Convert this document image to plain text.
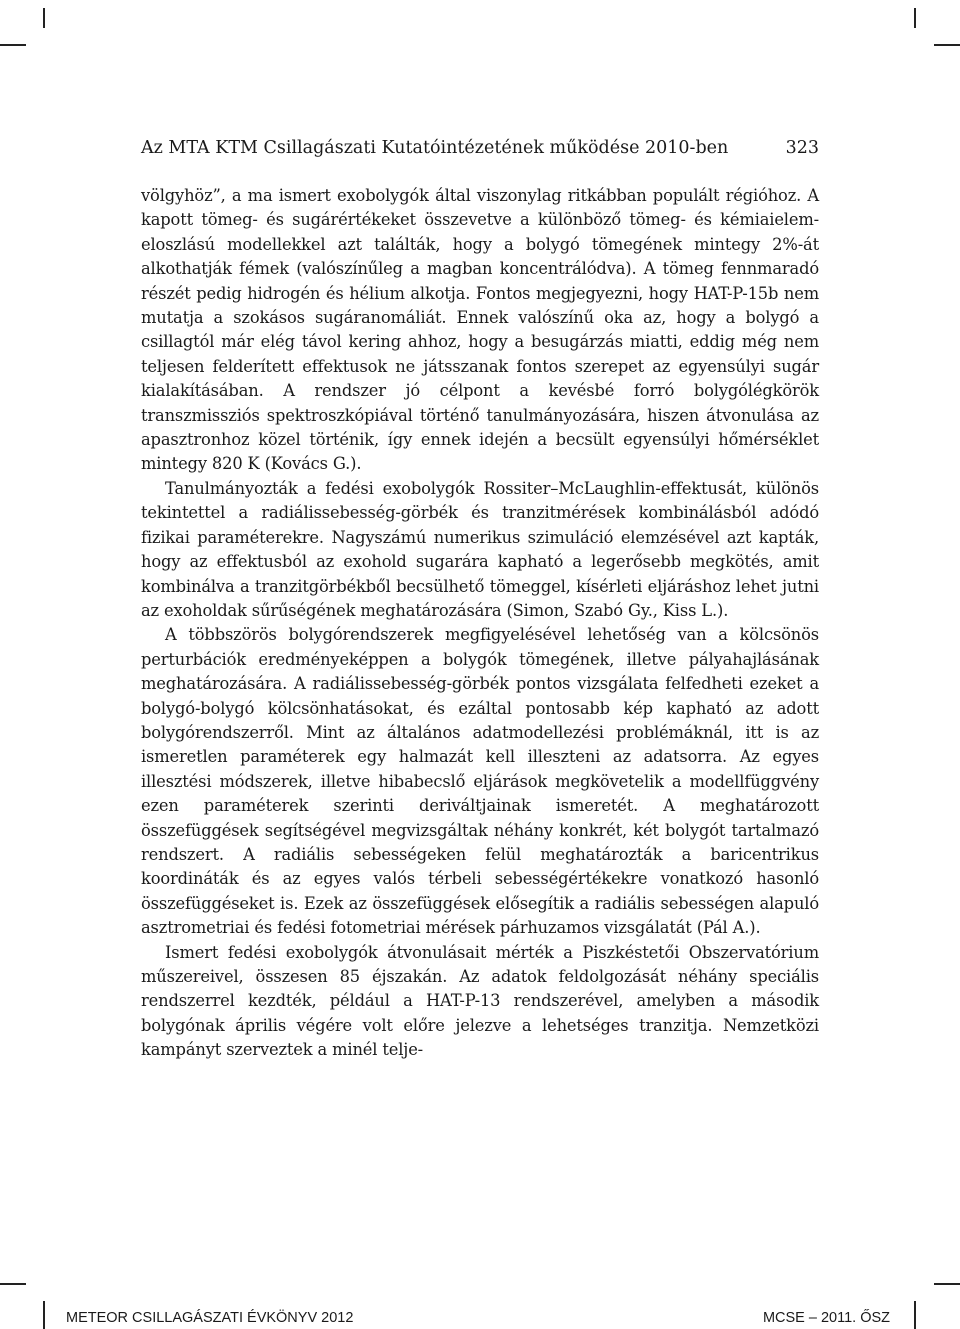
Az MTA KTM Csillagászati Kutatóintézetének működése 2010-ben	323

völgyhöz”, a ma ismert exobolygók által viszonylag ritkábban populált régióhoz. A kapott tömeg- és sugárértékeket összevetve a különböző tömeg- és kémiaielem-eloszlású modellekkel azt találták, hogy a bolygó tömegének mintegy 2%-át alkothatják fémek (valószínűleg a magban koncentrálódva). A tömeg fennmaradó részét pedig hidrogén és hélium alkotja. Fontos megjegyezni, hogy HAT-P-15b nem mutatja a szokásos sugáranomáliát. Ennek valószínű oka az, hogy a bolygó a csillagtól már elég távol kering ahhoz, hogy a besugárzás miatti, eddig még nem teljesen felderített effektusok ne játsszanak fontos szerepet az egyensúlyi sugár kialakításában. A rendszer jó célpont a kevésbé forró bolygólégkörök transzmissziós spektroszkópiával történő tanulmányozására, hiszen átvonulása az apasztronhoz közel történik, így ennek idején a becsült egyensúlyi hőmérséklet mintegy 820 K (Kovács G.).

Tanulmányozták a fedési exobolygók Rossiter–McLaughlin-effektusát, különös tekintettel a radiálissebesség-görbék és tranzitmérések kombinálásból adódó fizikai paraméterekre. Nagyszámú numerikus szimuláció elemzésével azt kapták, hogy az effektusból az exohold sugarára kapható a legerősebb megkötés, amit kombinálva a tranzitgörbékből becsülhető tömeggel, kísérleti eljáráshoz lehet jutni az exoholdak sűrűségének meghatározására (Simon, Szabó Gy., Kiss L.).

A többszörös bolygórendszerek megfigyelésével lehetőség van a kölcsönös perturbációk eredményeképpen a bolygók tömegének, illetve pályahajlásának meghatározására. A radiálissebesség-görbék pontos vizsgálata felfedheti ezeket a bolygó-bolygó kölcsönhatásokat, és ezáltal pontosabb kép kapható az adott bolygórendszerről. Mint az általános adatmodellezési problémáknál, itt is az ismeretlen paraméterek egy halmazát kell illeszteni az adatsorra. Az egyes illesztési módszerek, illetve hibabecslő eljárások megkövetelik a modellfüggvény ezen paraméterek szerinti deriváltjainak ismeretét. A meghatározott összefüggések segítségével megvizsgáltak néhány konkrét, két bolygót tartalmazó rendszert. A radiális sebességeken felül meghatározták a baricentrikus koordináták és az egyes valós térbeli sebességértékekre vonatkozó hasonló összefüggéseket is. Ezek az összefüggések elősegítik a radiális sebességen alapuló asztrometriai és fedési fotometriai mérések párhuzamos vizsgálatát (Pál A.).

Ismert fedési exobolygók átvonulásait mérték a Piszkéstetői Obszervatórium műszereivel, összesen 85 éjszakán. Az adatok feldolgozását néhány speciális rendszerrel kezdték, például a HAT-P-13 rendszerével, amelyben a második bolygónak április végére volt előre jelezve a lehetséges tranzitja. Nemzetközi kampányt szerveztek a minél telje-

METEOR CSILLAGÁSZATI ÉVKÖNYV 2012	MCSE – 2011. ŐSZ
